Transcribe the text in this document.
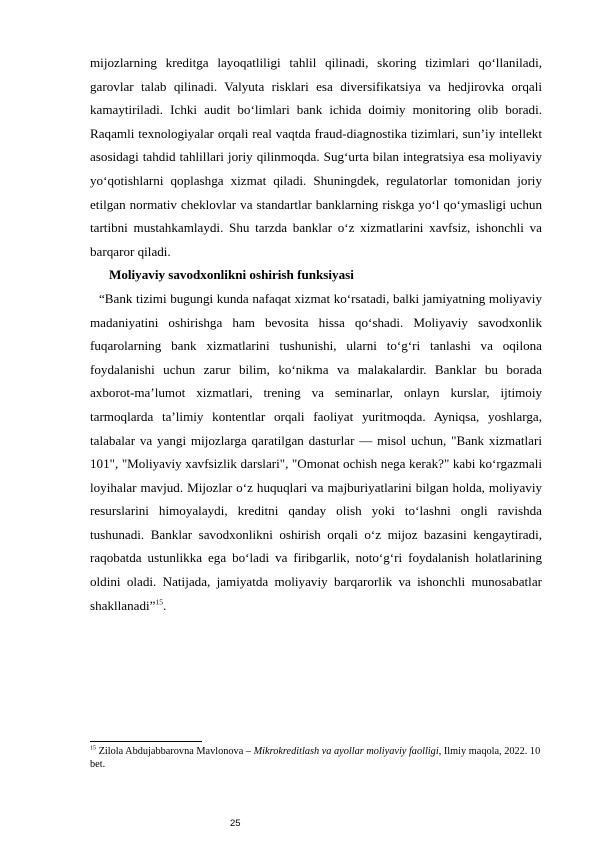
mijozlarning kreditga layoqatliligi tahlil qilinadi, skoring tizimlari qo‘llaniladi, garovlar talab qilinadi. Valyuta risklari esa diversifikatsiya va hedjirovka orqali kamaytiriladi. Ichki audit bo‘limlari bank ichida doimiy monitoring olib boradi. Raqamli texnologiyalar orqali real vaqtda fraud-diagnostika tizimlari, sun’iy intellekt asosidagi tahdid tahlillari joriy qilinmoqda. Sug‘urta bilan integratsiya esa moliyaviy yo‘qotishlarni qoplashga xizmat qiladi. Shuningdek, regulatorlar tomonidan joriy etilgan normativ cheklovlar va standartlar banklarning riskga yo‘l qo‘ymasligi uchun tartibni mustahkamlaydi. Shu tarzda banklar o‘z xizmatlarini xavfsiz, ishonchli va barqaror qiladi.

Moliyaviy savodxonlikni oshirish funksiyasi

“Bank tizimi bugungi kunda nafaqat xizmat ko‘rsatadi, balki jamiyatning moliyaviy madaniyatini oshirishga ham bevosita hissa qo‘shadi. Moliyaviy savodxonlik fuqarolarning bank xizmatlarini tushunishi, ularni to‘g‘ri tanlashi va oqilona foydalanishi uchun zarur bilim, ko‘nikma va malakalardir. Banklar bu borada axborot-ma’lumot xizmatlari, trening va seminarlar, onlayn kurslar, ijtimoiy tarmoqlarda ta’limiy kontentlar orqali faoliyat yuritmoqda. Ayniqsa, yoshlarga, talabalar va yangi mijozlarga qaratilgan dasturlar — misol uchun, "Bank xizmatlari 101", "Moliyaviy xavfsizlik darslari", "Omonat ochish nega kerak?" kabi ko‘rgazmali loyihalar mavjud. Mijozlar o‘z huquqlari va majburiyatlarini bilgan holda, moliyaviy resurslarini himoyalaydi, kreditni qanday olish yoki to‘lashni ongli ravishda tushunadi. Banklar savodxonlikni oshirish orqali o‘z mijoz bazasini kengaytiradi, raqobatda ustunlikka ega bo‘ladi va firibgarlik, noto‘g‘ri foydalanish holatlarining oldini oladi. Natijada, jamiyatda moliyaviy barqarorlik va ishonchli munosabatlar shakllanadi”$^{15}$.

$^{15}$ Zilola Abdujabbarovna Mavlonova – Mikrokreditlash va ayollar moliyaviy faolligi, Ilmiy maqola, 2022. 10 bet.
25
